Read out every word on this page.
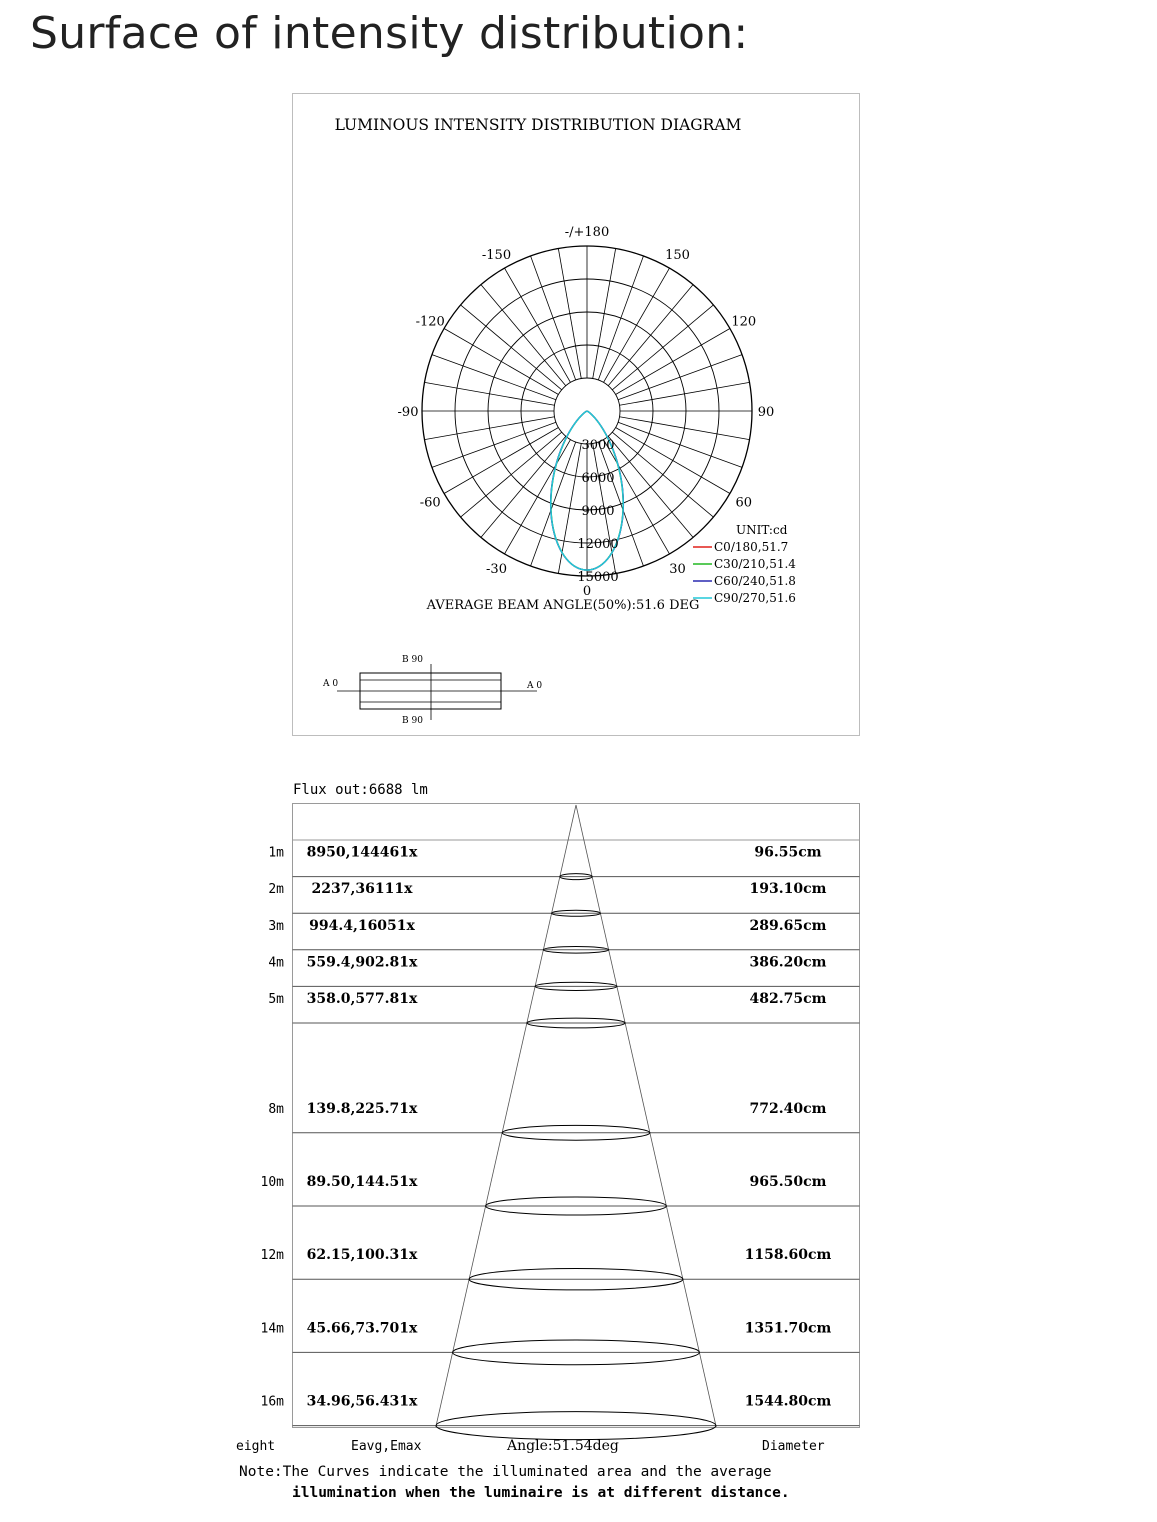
Surface of intensity distribution:
LUMINOUS INTENSITY DISTRIBUTION DIAGRAM
-/+180
-150	150
-120	120
-90	90
-60	60
-30	30
0
3000
6000
9000
12000
15000
AVERAGE BEAM ANGLE(50%):51.6 DEG
UNIT:cd
C0/180,51.7
C30/210,51.4
C60/240,51.8
C90/270,51.6
A 0	A 0
B 90
B 90
Flux out:6688 lm
1m 8950,144461x	96.55cm
2m 2237,36111x	193.10cm
3m 994.4,16051x	289.65cm
4m 559.4,902.81x	386.20cm
5m 358.0,577.81x	482.75cm
8m 139.8,225.71x	772.40cm
10m 89.50,144.51x	965.50cm
12m 62.15,100.31x	1158.60cm
14m 45.66,73.701x	1351.70cm
16m 34.96,56.431x	1544.80cm
eight	Eavg,Emax	Angle:51.54deg	Diameter
Note:The Curves indicate the illuminated area and the average
illumination when the luminaire is at different distance.
